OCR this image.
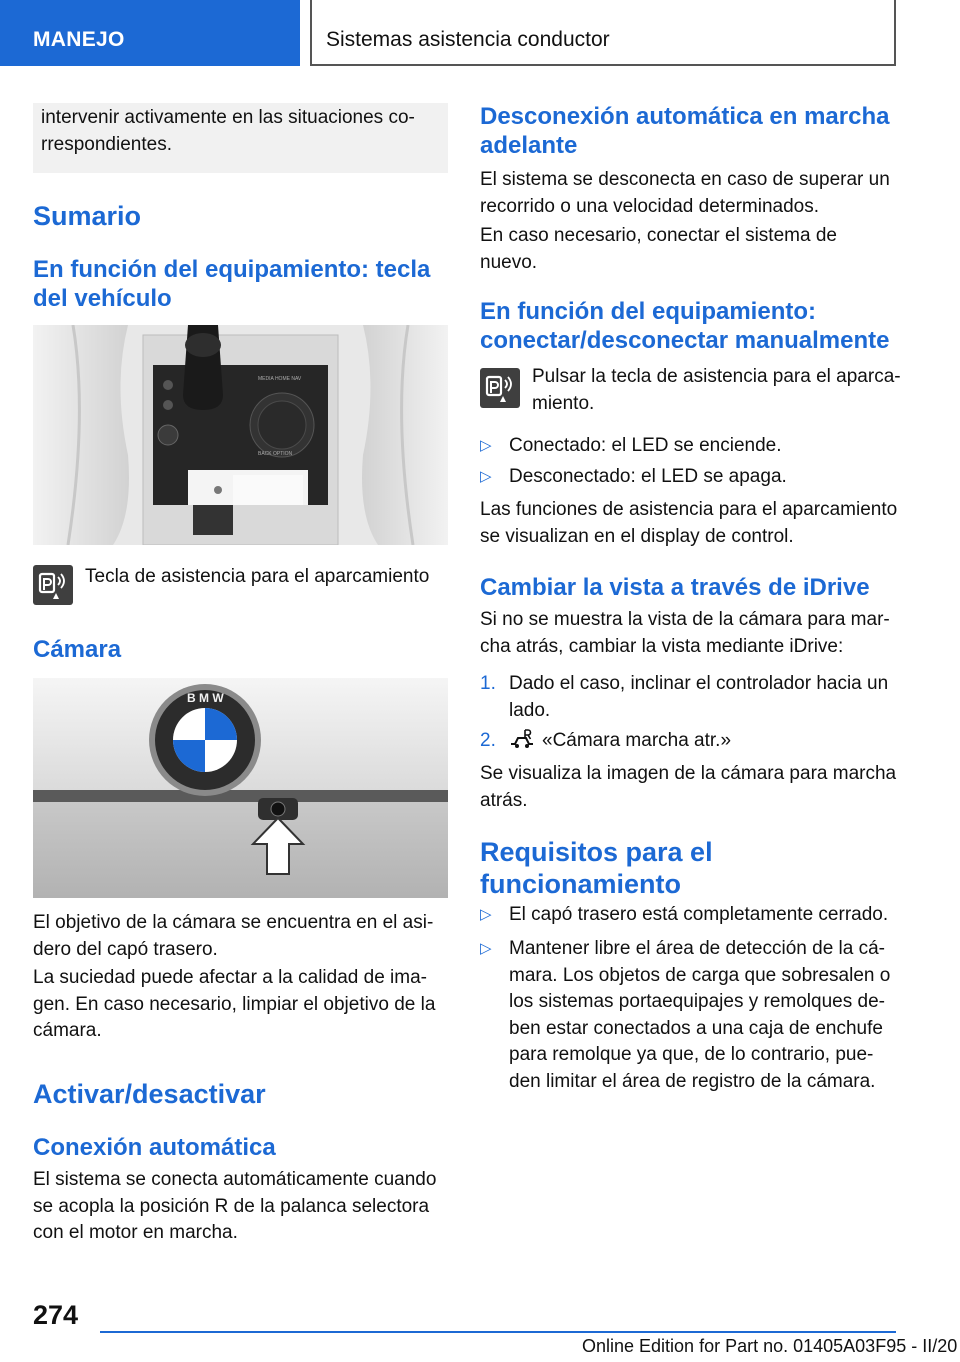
MANEJO	Sistemas asistencia conductor
intervenir activamente en las situaciones co-
rrespondientes.
Sumario
En función del equipamiento: tecla del vehículo
MEDIA HOME NAV
BACK OPTION
Tecla de asistencia para el aparcamiento
Cámara
B M W
El objetivo de la cámara se encuentra en el asi-
dero del capó trasero.
La suciedad puede afectar a la calidad de ima-
gen. En caso necesario, limpiar el objetivo de la
cámara.
Activar/desactivar
Conexión automática
El sistema se conecta automáticamente cuando
se acopla la posición R de la palanca selectora
con el motor en marcha.
Desconexión automática en marcha adelante
El sistema se desconecta en caso de superar un
recorrido o una velocidad determinados.
En caso necesario, conectar el sistema de
nuevo.
En función del equipamiento: conectar/desconectar manualmente
Pulsar la tecla de asistencia para el aparca-
miento.
▷ Conectado: el LED se enciende.
▷ Desconectado: el LED se apaga.
Las funciones de asistencia para el aparcamiento
se visualizan en el display de control.
Cambiar la vista a través de iDrive
Si no se muestra la vista de la cámara para mar-
cha atrás, cambiar la vista mediante iDrive:
1. Dado el caso, inclinar el controlador hacia un
lado.
2. «Cámara marcha atr.»
Se visualiza la imagen de la cámara para marcha
atrás.
Requisitos para el funcionamiento
▷ El capó trasero está completamente cerrado.
▷ Mantener libre el área de detección de la cá-
mara. Los objetos de carga que sobresalen o
los sistemas portaequipajes y remolques de-
ben estar conectados a una caja de enchufe
para remolque ya que, de lo contrario, pue-
den limitar el área de registro de la cámara.
274
Online Edition for Part no. 01405A03F95 - II/20
